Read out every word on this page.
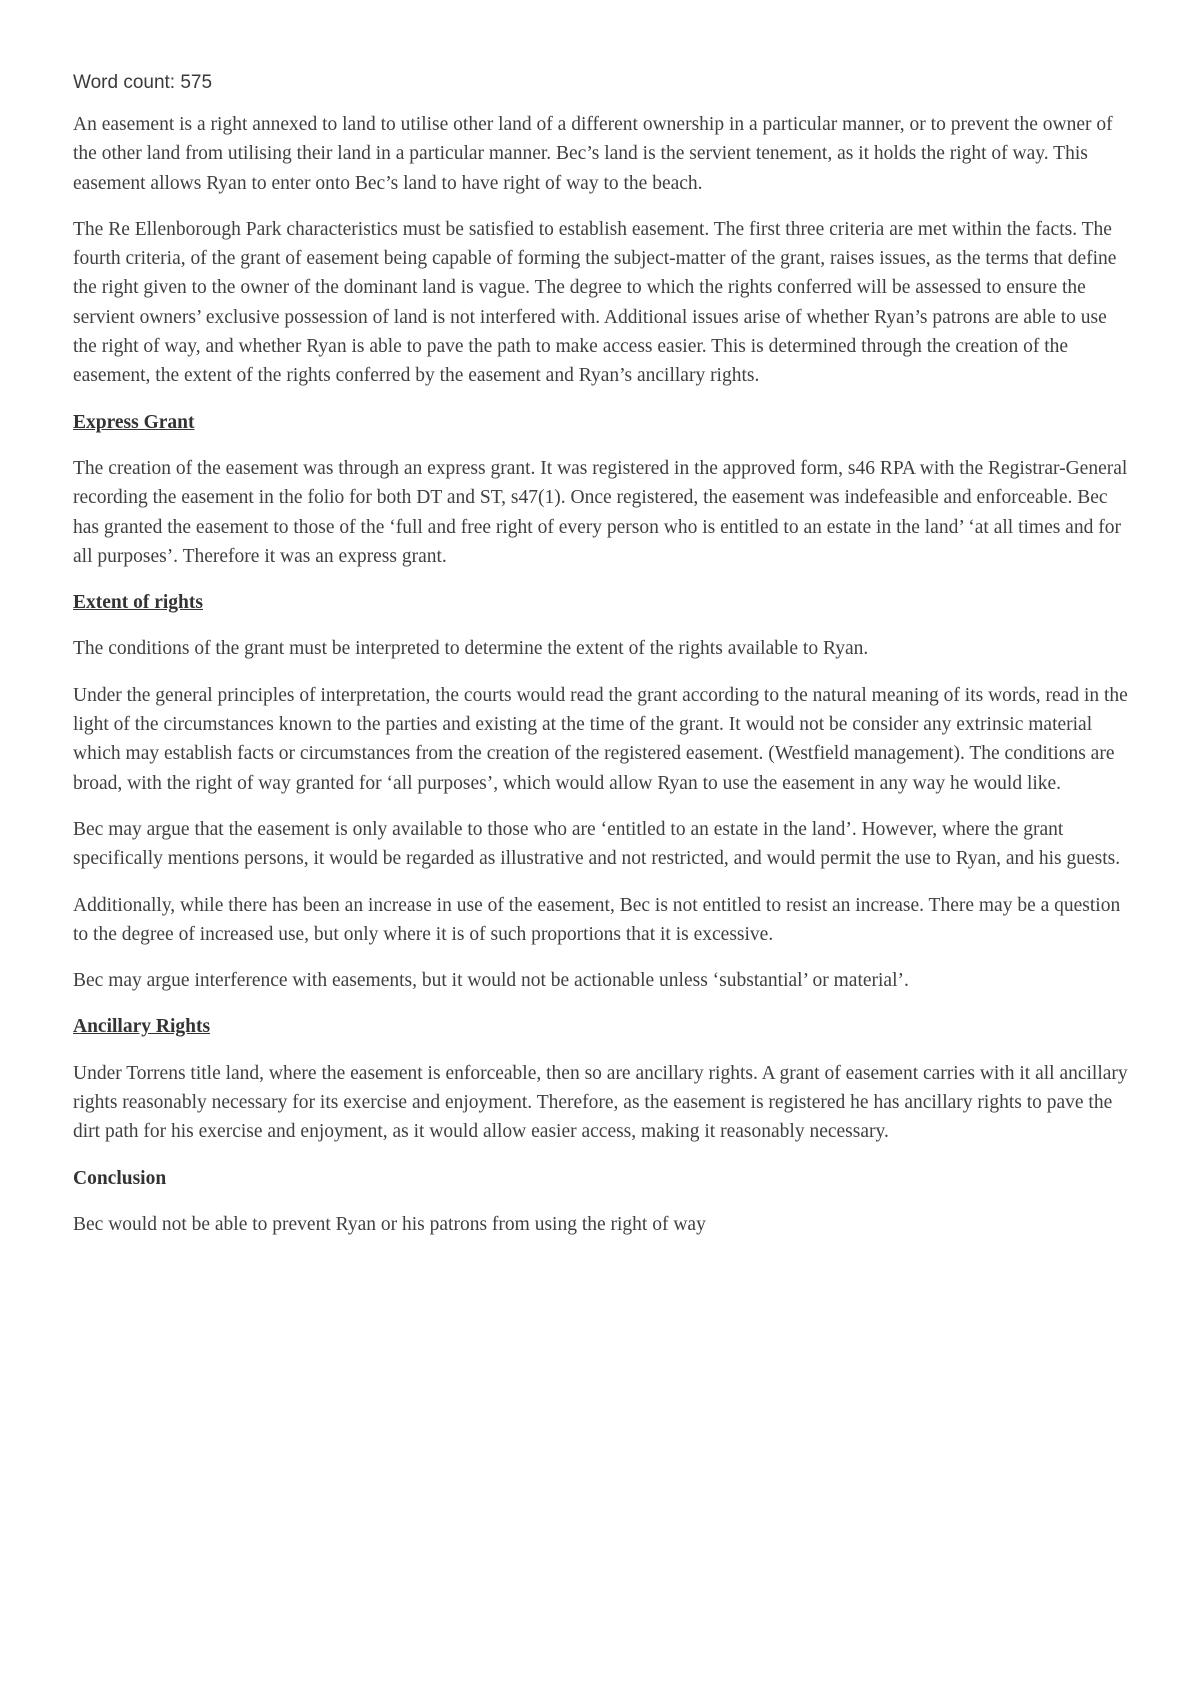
Word count: 575

An easement is a right annexed to land to utilise other land of a different ownership in a particular manner, or to prevent the owner of the other land from utilising their land in a particular manner. Bec’s land is the servient tenement, as it holds the right of way. This easement allows Ryan to enter onto Bec’s land to have right of way to the beach.

The Re Ellenborough Park characteristics must be satisfied to establish easement. The first three criteria are met within the facts. The fourth criteria, of the grant of easement being capable of forming the subject-matter of the grant, raises issues, as the terms that define the right given to the owner of the dominant land is vague. The degree to which the rights conferred will be assessed to ensure the servient owners’ exclusive possession of land is not interfered with. Additional issues arise of whether Ryan’s patrons are able to use the right of way, and whether Ryan is able to pave the path to make access easier. This is determined through the creation of the easement, the extent of the rights conferred by the easement and Ryan’s ancillary rights.

Express Grant

The creation of the easement was through an express grant. It was registered in the approved form, s46 RPA with the Registrar-General recording the easement in the folio for both DT and ST, s47(1). Once registered, the easement was indefeasible and enforceable. Bec has granted the easement to those of the ‘full and free right of every person who is entitled to an estate in the land’ ‘at all times and for all purposes’. Therefore it was an express grant.

Extent of rights

The conditions of the grant must be interpreted to determine the extent of the rights available to Ryan.

Under the general principles of interpretation, the courts would read the grant according to the natural meaning of its words, read in the light of the circumstances known to the parties and existing at the time of the grant. It would not be consider any extrinsic material which may establish facts or circumstances from the creation of the registered easement. (Westfield management). The conditions are broad, with the right of way granted for ‘all purposes’, which would allow Ryan to use the easement in any way he would like.

Bec may argue that the easement is only available to those who are ‘entitled to an estate in the land’. However, where the grant specifically mentions persons, it would be regarded as illustrative and not restricted, and would permit the use to Ryan, and his guests.

Additionally, while there has been an increase in use of the easement, Bec is not entitled to resist an increase. There may be a question to the degree of increased use, but only where it is of such proportions that it is excessive.

Bec may argue interference with easements, but it would not be actionable unless ‘substantial’ or material’.

Ancillary Rights

Under Torrens title land, where the easement is enforceable, then so are ancillary rights. A grant of easement carries with it all ancillary rights reasonably necessary for its exercise and enjoyment. Therefore, as the easement is registered he has ancillary rights to pave the dirt path for his exercise and enjoyment, as it would allow easier access, making it reasonably necessary.

Conclusion

Bec would not be able to prevent Ryan or his patrons from using the right of way
